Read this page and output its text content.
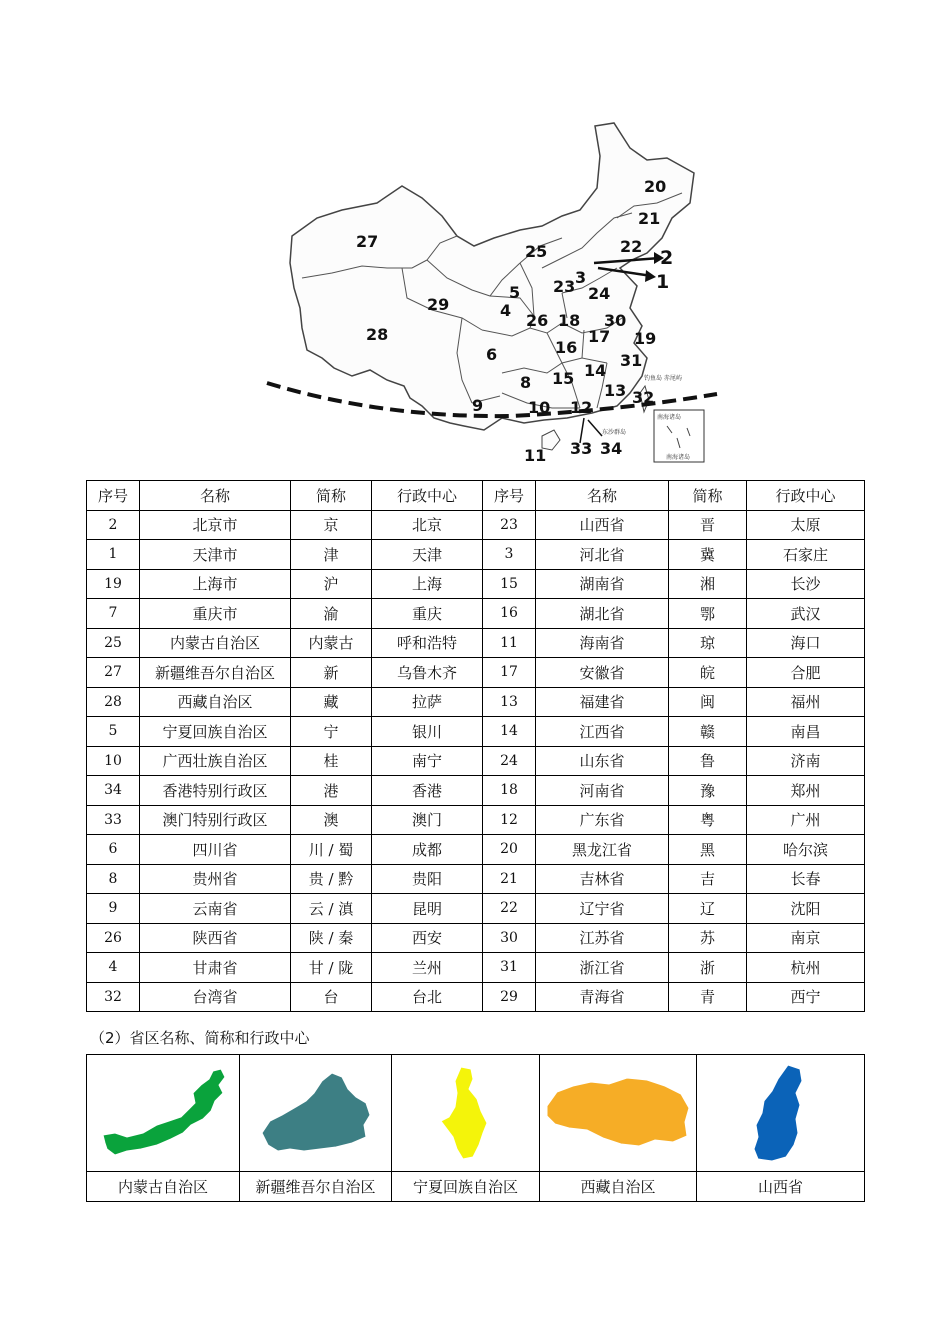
南海诸岛
南海诸岛
钓鱼岛 赤尾屿
东沙群岛
2
1
3
4
5
6
8
9	10
11
12
13
14
15
16
17
18
19
20
21
22
23 24
25
26
27
28
29
30
31
32
33 34
序号	名称	简称	行政中心	序号	名称	简称	行政中心
2	北京市	京	北京	23	山西省	晋	太原
1	天津市	津	天津	3	河北省	冀	石家庄
19	上海市	沪	上海	15	湖南省	湘	长沙
7	重庆市	渝	重庆	16	湖北省	鄂	武汉
25	内蒙古自治区	内蒙古	呼和浩特	11	海南省	琼	海口
27	新疆维吾尔自治区	新	乌鲁木齐	17	安徽省	皖	合肥
28	西藏自治区	藏	拉萨	13	福建省	闽	福州
5	宁夏回族自治区	宁	银川	14	江西省	赣	南昌
10	广西壮族自治区	桂	南宁	24	山东省	鲁	济南
34	香港特别行政区	港	香港	18	河南省	豫	郑州
33	澳门特别行政区	澳	澳门	12	广东省	粤	广州
6	四川省	川 / 蜀	成都	20	黑龙江省	黑	哈尔滨
8	贵州省	贵 / 黔	贵阳	21	吉林省	吉	长春
9	云南省	云 / 滇	昆明	22	辽宁省	辽	沈阳
26	陕西省	陕 / 秦	西安	30	江苏省	苏	南京
4	甘肃省	甘 / 陇	兰州	31	浙江省	浙	杭州
32	台湾省	台	台北	29	青海省	青	西宁
（2）省区名称、简称和行政中心

内蒙古自治区	新疆维吾尔自治区	宁夏回族自治区	西藏自治区	山西省
